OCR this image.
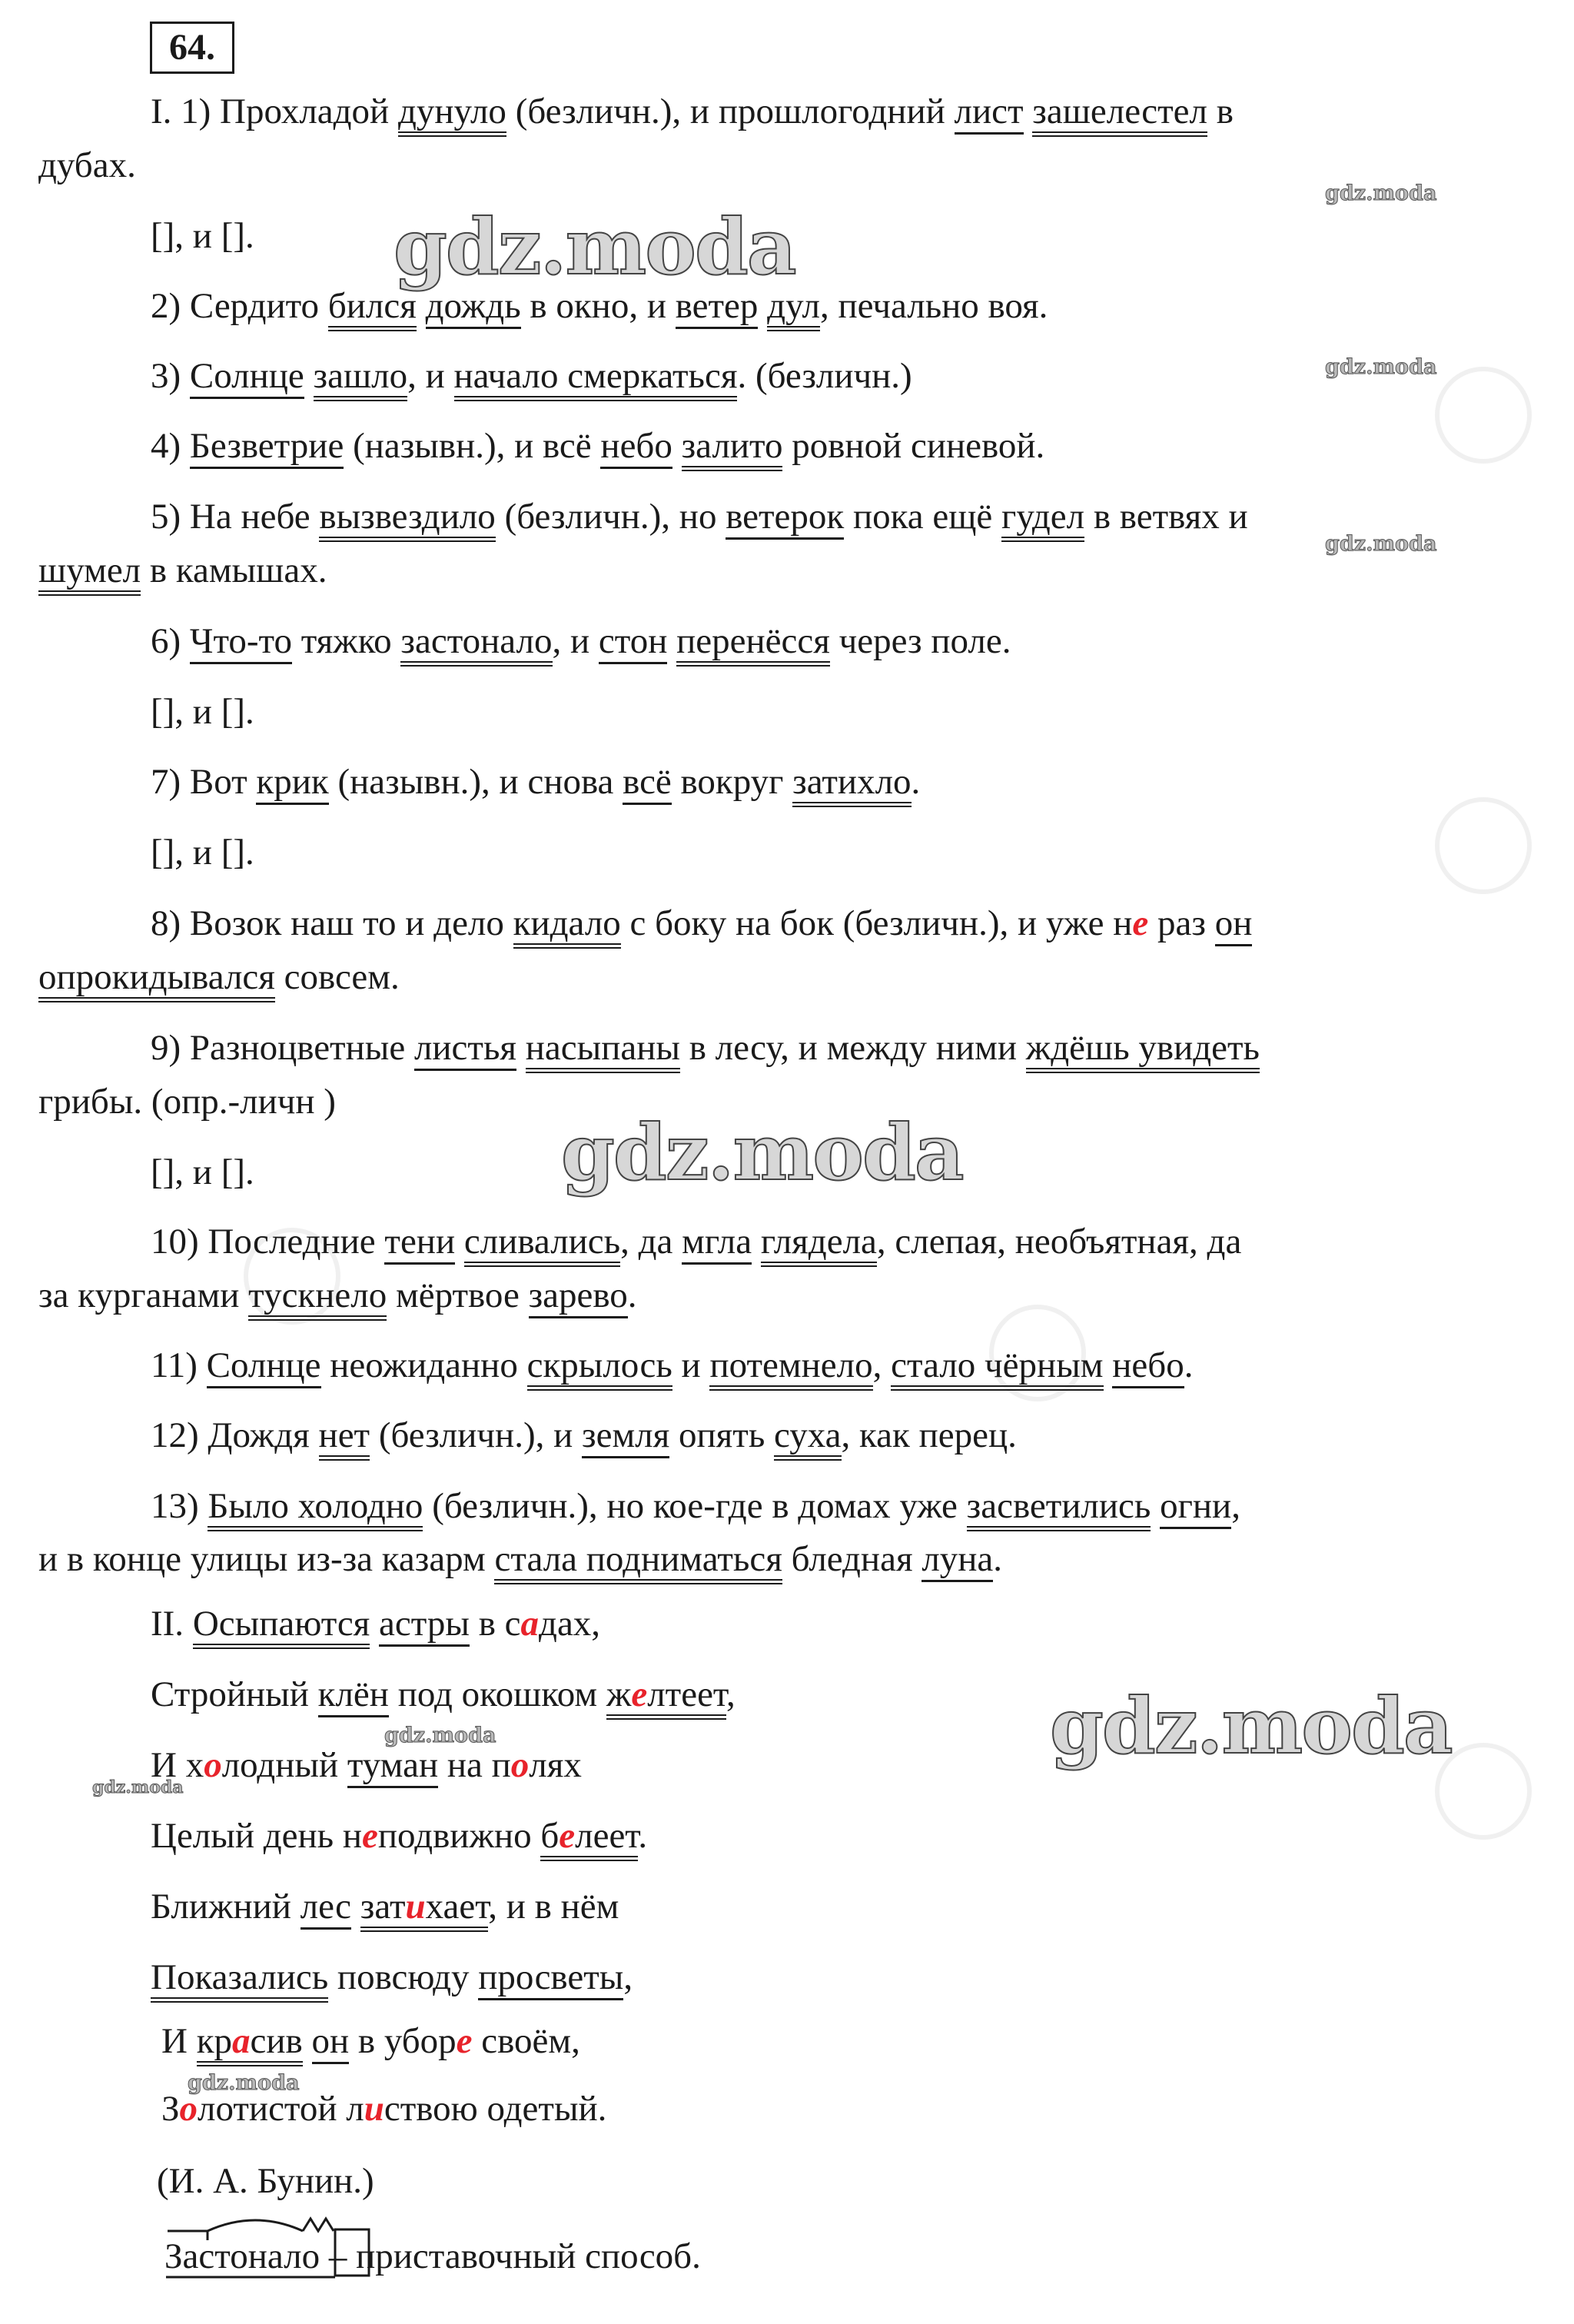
64.
I. 1) Прохладой дунуло (безличн.), и прошлогодний лист зашелестел в
дубах.
[], и [].
2) Сердито бился дождь в окно, и ветер дул, печально воя.
3) Солнце зашло, и начало смеркаться. (безличн.)
4) Безветрие (назывн.), и всё небо залито ровной синевой.
5) На небе вызвездило (безличн.), но ветерок пока ещё гудел в ветвях и
шумел в камышах.
6) Что-то тяжко застонало, и стон перенёсся через поле.
[], и [].
7) Вот крик (назывн.), и снова всё вокруг затихло.
[], и [].
8) Возок наш то и дело кидало с боку на бок (безличн.), и уже не раз он
опрокидывался совсем.
9) Разноцветные листья насыпаны в лесу, и между ними ждёшь увидеть
грибы. (опр.-личн )
[], и [].
10) Последние тени сливались, да мгла глядела, слепая, необъятная, да
за курганами тускнело мёртвое зарево.
11) Солнце неожиданно скрылось и потемнело, стало чёрным небо.
12) Дождя нет (безличн.), и земля опять суха, как перец.
13) Было холодно (безличн.), но кое-где в домах уже засветились огни,
и в конце улицы из-за казарм стала подниматься бледная луна.
II. Осыпаются астры в садах,
Стройный клён под окошком желтеет,
И холодный туман на полях
Целый день неподвижно белеет.
Ближний лес затихает, и в нём
Показались повсюду просветы,
И красив он в уборе своём,
Золотистой листвою одетый.
(И. А. Бунин.)
Застонало – приставочный способ.
gdz.moda
gdz.moda
gdz.moda
gdz.moda
gdz.moda
gdz.moda
gdz.moda
gdz.moda
gdz.moda
